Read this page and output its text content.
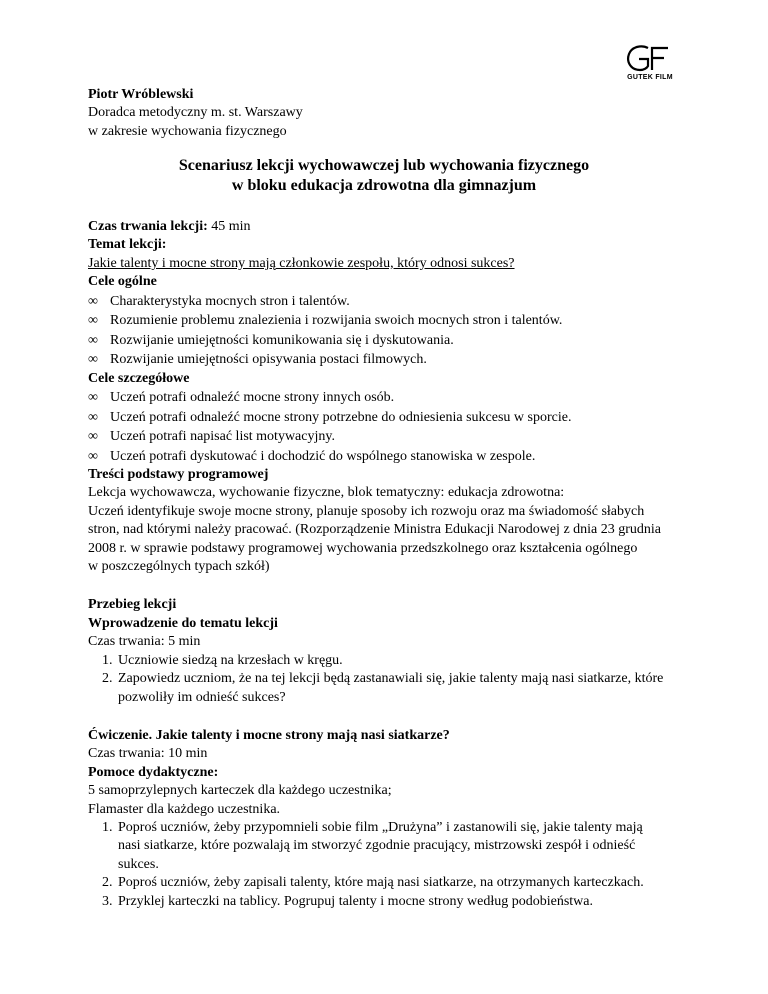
GUTEK FILM
Piotr Wróblewski
Doradca metodyczny m. st. Warszawy
w zakresie wychowania fizycznego
Scenariusz lekcji wychowawczej lub wychowania fizycznego
w bloku edukacja zdrowotna dla gimnazjum
Czas trwania lekcji: 45 min
Temat lekcji:
Jakie talenty i mocne strony mają członkowie zespołu, który odnosi sukces?
Cele ogólne
∞ Charakterystyka mocnych stron i talentów.
∞ Rozumienie problemu znalezienia i rozwijania swoich mocnych stron i talentów.
∞ Rozwijanie umiejętności komunikowania się i dyskutowania.
∞ Rozwijanie umiejętności opisywania postaci filmowych.
Cele szczegółowe
∞ Uczeń potrafi odnaleźć mocne strony innych osób.
∞ Uczeń potrafi odnaleźć mocne strony potrzebne do odniesienia sukcesu w sporcie.
∞ Uczeń potrafi napisać list motywacyjny.
∞ Uczeń potrafi dyskutować i dochodzić do wspólnego stanowiska w zespole.
Treści podstawy programowej
Lekcja wychowawcza, wychowanie fizyczne, blok tematyczny: edukacja zdrowotna:
Uczeń identyfikuje swoje mocne strony, planuje sposoby ich rozwoju oraz ma świadomość słabych
stron, nad którymi należy pracować. (Rozporządzenie Ministra Edukacji Narodowej z dnia 23 grudnia
2008 r. w sprawie podstawy programowej wychowania przedszkolnego oraz kształcenia ogólnego
w poszczególnych typach szkół)
Przebieg lekcji
Wprowadzenie do tematu lekcji
Czas trwania: 5 min
1. Uczniowie siedzą na krzesłach w kręgu.
2. Zapowiedz uczniom, że na tej lekcji będą zastanawiali się, jakie talenty mają nasi siatkarze, które
pozwoliły im odnieść sukces?
Ćwiczenie. Jakie talenty i mocne strony mają nasi siatkarze?
Czas trwania: 10 min
Pomoce dydaktyczne:
5 samoprzylepnych karteczek dla każdego uczestnika;
Flamaster dla każdego uczestnika.
1. Poproś uczniów, żeby przypomnieli sobie film „Drużyna” i zastanowili się, jakie talenty mają
nasi siatkarze, które pozwalają im stworzyć zgodnie pracujący, mistrzowski zespół i odnieść
sukces.
2. Poproś uczniów, żeby zapisali talenty, które mają nasi siatkarze, na otrzymanych karteczkach.
3. Przyklej karteczki na tablicy. Pogrupuj talenty i mocne strony według podobieństwa.
